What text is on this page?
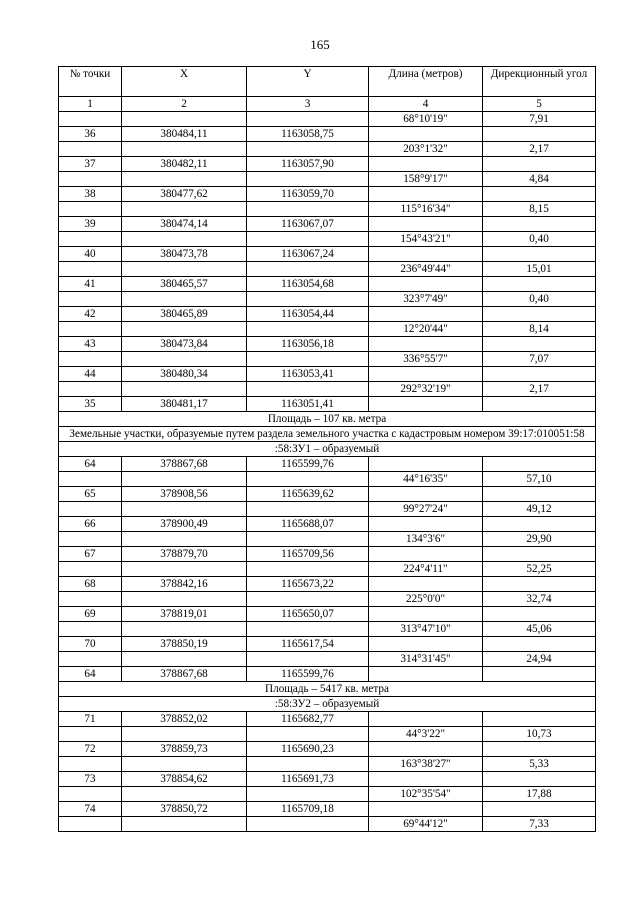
165
№ точки	X	Y	Длина (метров)	Дирекционный угол
1	2	3	4	5
			68°10'19"	7,91
36	380484,11	1163058,75		
			203°1'32"	2,17
37	380482,11	1163057,90		
			158°9'17"	4,84
38	380477,62	1163059,70		
			115°16'34"	8,15
39	380474,14	1163067,07		
			154°43'21"	0,40
40	380473,78	1163067,24		
			236°49'44"	15,01
41	380465,57	1163054,68		
			323°7'49"	0,40
42	380465,89	1163054,44		
			12°20'44"	8,14
43	380473,84	1163056,18		
			336°55'7"	7,07
44	380480,34	1163053,41		
			292°32'19"	2,17
35	380481,17	1163051,41		
Площадь – 107 кв. метра				
Земельные участки, образуемые путем раздела земельного участка с кадастровым номером 39:17:010051:58				
:58:ЗУ1 – образуемый				
64	378867,68	1165599,76		
			44°16'35"	57,10
65	378908,56	1165639,62		
			99°27'24"	49,12
66	378900,49	1165688,07		
			134°3'6"	29,90
67	378879,70	1165709,56		
			224°4'11"	52,25
68	378842,16	1165673,22		
			225°0'0"	32,74
69	378819,01	1165650,07		
			313°47'10"	45,06
70	378850,19	1165617,54		
			314°31'45"	24,94
64	378867,68	1165599,76		
Площадь – 5417 кв. метра				
:58:ЗУ2 – образуемый				
71	378852,02	1165682,77		
			44°3'22"	10,73
72	378859,73	1165690,23		
			163°38'27"	5,33
73	378854,62	1165691,73		
			102°35'54"	17,88
74	378850,72	1165709,18		
			69°44'12"	7,33
